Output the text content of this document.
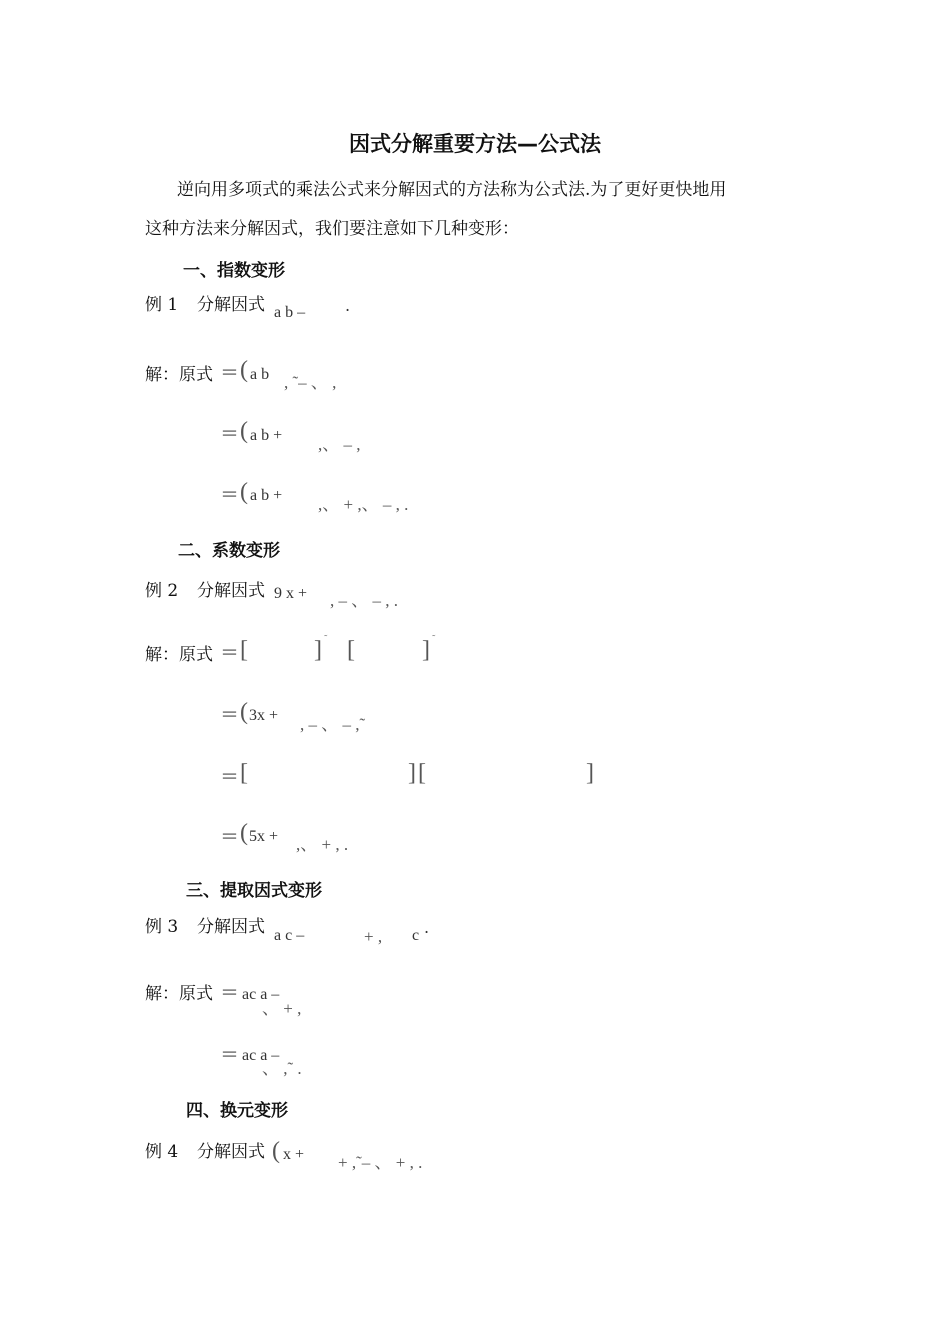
因式分解重要方法—公式法
逆向用多项式的乘法公式来分解因式的方法称为公式法.为了更好更快地用
这种方法来分解因式，我们要注意如下几种变形：
一、指数变形
例 1 分解因式 a b – .
解：原式 ＝ ( a b , ˜– 、 ,
＝ ( a b + ,、 – ,
＝ ( a b + ,、 + ,、 – , .
二、系数变形
例 2 分解因式 9 x + , – 、 – , .
解：原式 ＝ [	] ˜ [	] ˜
＝ ( 3x + , – 、 – ,˜
＝ [	] [	]
＝ ( 5x + ,、 + , .
三、提取因式变形
例 3 分解因式 a c –	+ , c .
解：原式 ＝ ac a –
、 + ,
＝ ac a –
、 ,˜ .
四、换元变形
例 4 分解因式 ( x + + ,˜– 、 + , .
